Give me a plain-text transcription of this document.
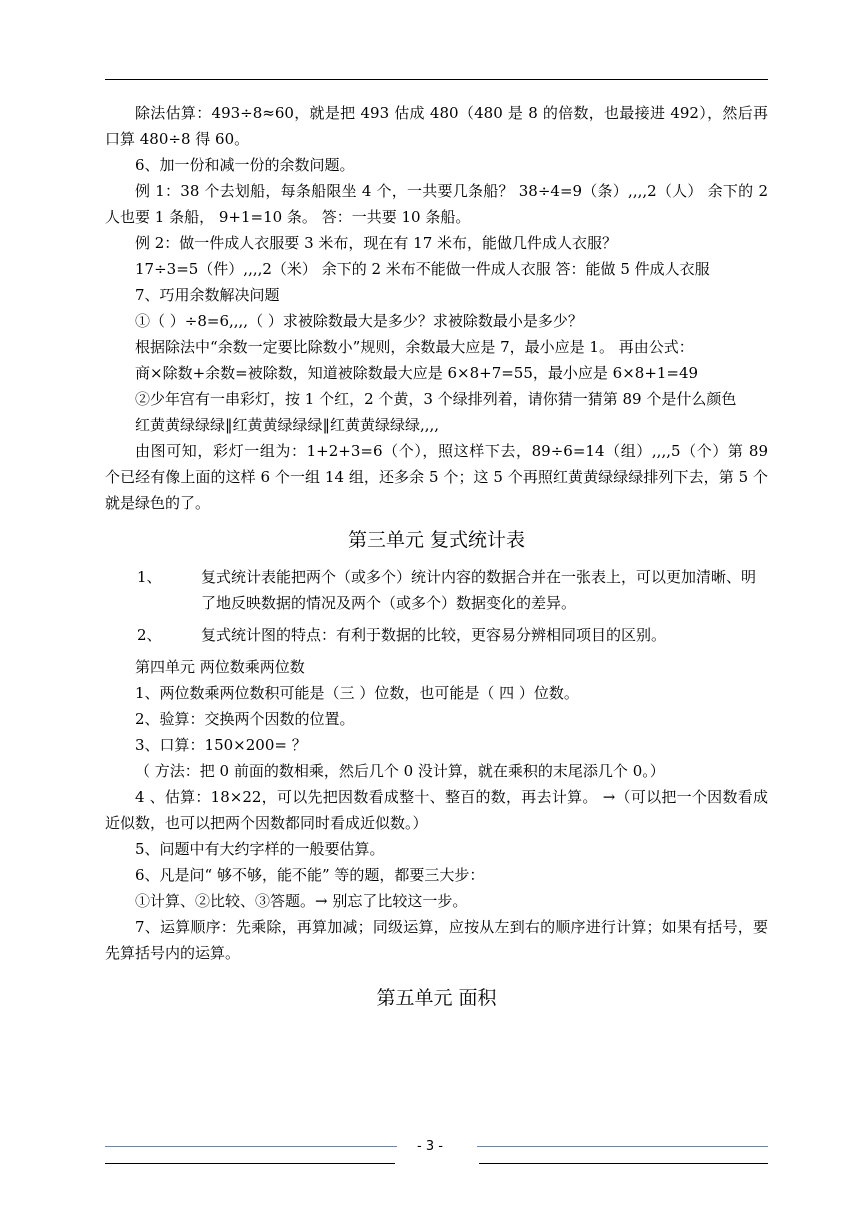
除法估算：493÷8≈60，就是把 493 估成 480（480 是 8 的倍数，也最接进 492），然后再口算 480÷8 得 60。

6、加一份和减一份的余数问题。

例 1：38 个去划船，每条船限坐 4 个，一共要几条船？ 38÷4=9（条）,,,,2（人） 余下的 2 人也要 1 条船， 9+1=10 条。 答：一共要 10 条船。

例 2：做一件成人衣服要 3 米布，现在有 17 米布，能做几件成人衣服？

17÷3=5（件）,,,,2（米） 余下的 2 米布不能做一件成人衣服 答：能做 5 件成人衣服

7、巧用余数解决问题

①（ ）÷8=6,,,,（ ）求被除数最大是多少？求被除数最小是多少？

根据除法中“余数一定要比除数小”规则，余数最大应是 7，最小应是 1。 再由公式：

商×除数+余数=被除数，知道被除数最大应是 6×8+7=55，最小应是 6×8+1=49

②少年宫有一串彩灯，按 1 个红，2 个黄，3 个绿排列着，请你猜一猜第 89 个是什么颜色

红黄黄绿绿绿‖红黄黄绿绿绿‖红黄黄绿绿绿,,,,

由图可知，彩灯一组为：1+2+3=6（个），照这样下去，89÷6=14（组）,,,,5（个）第 89 个已经有像上面的这样 6 个一组 14 组，还多余 5 个；这 5 个再照红黄黄绿绿绿排列下去，第 5 个就是绿色的了。

第三单元 复式统计表

1、	复式统计表能把两个（或多个）统计内容的数据合并在一张表上，可以更加清晰、明了地反映数据的情况及两个（或多个）数据变化的差异。
2、	复式统计图的特点：有利于数据的比较，更容易分辨相同项目的区别。

第四单元 两位数乘两位数

1、两位数乘两位数积可能是（三 ）位数，也可能是（ 四 ）位数。

2、验算：交换两个因数的位置。

3、口算：150×200= ？

（ 方法：把 0 前面的数相乘，然后几个 0 没计算，就在乘积的末尾添几个 0。）

4 、估算：18×22，可以先把因数看成整十、整百的数，再去计算。 →（可以把一个因数看成近似数，也可以把两个因数都同时看成近似数。）

5、问题中有大约字样的一般要估算。

6、凡是问“ 够不够，能不能” 等的题，都要三大步：

①计算、②比较、③答题。→ 别忘了比较这一步。

7、运算顺序：先乘除，再算加减；同级运算，应按从左到右的顺序进行计算；如果有括号，要先算括号内的运算。

第五单元 面积

- 3 -
